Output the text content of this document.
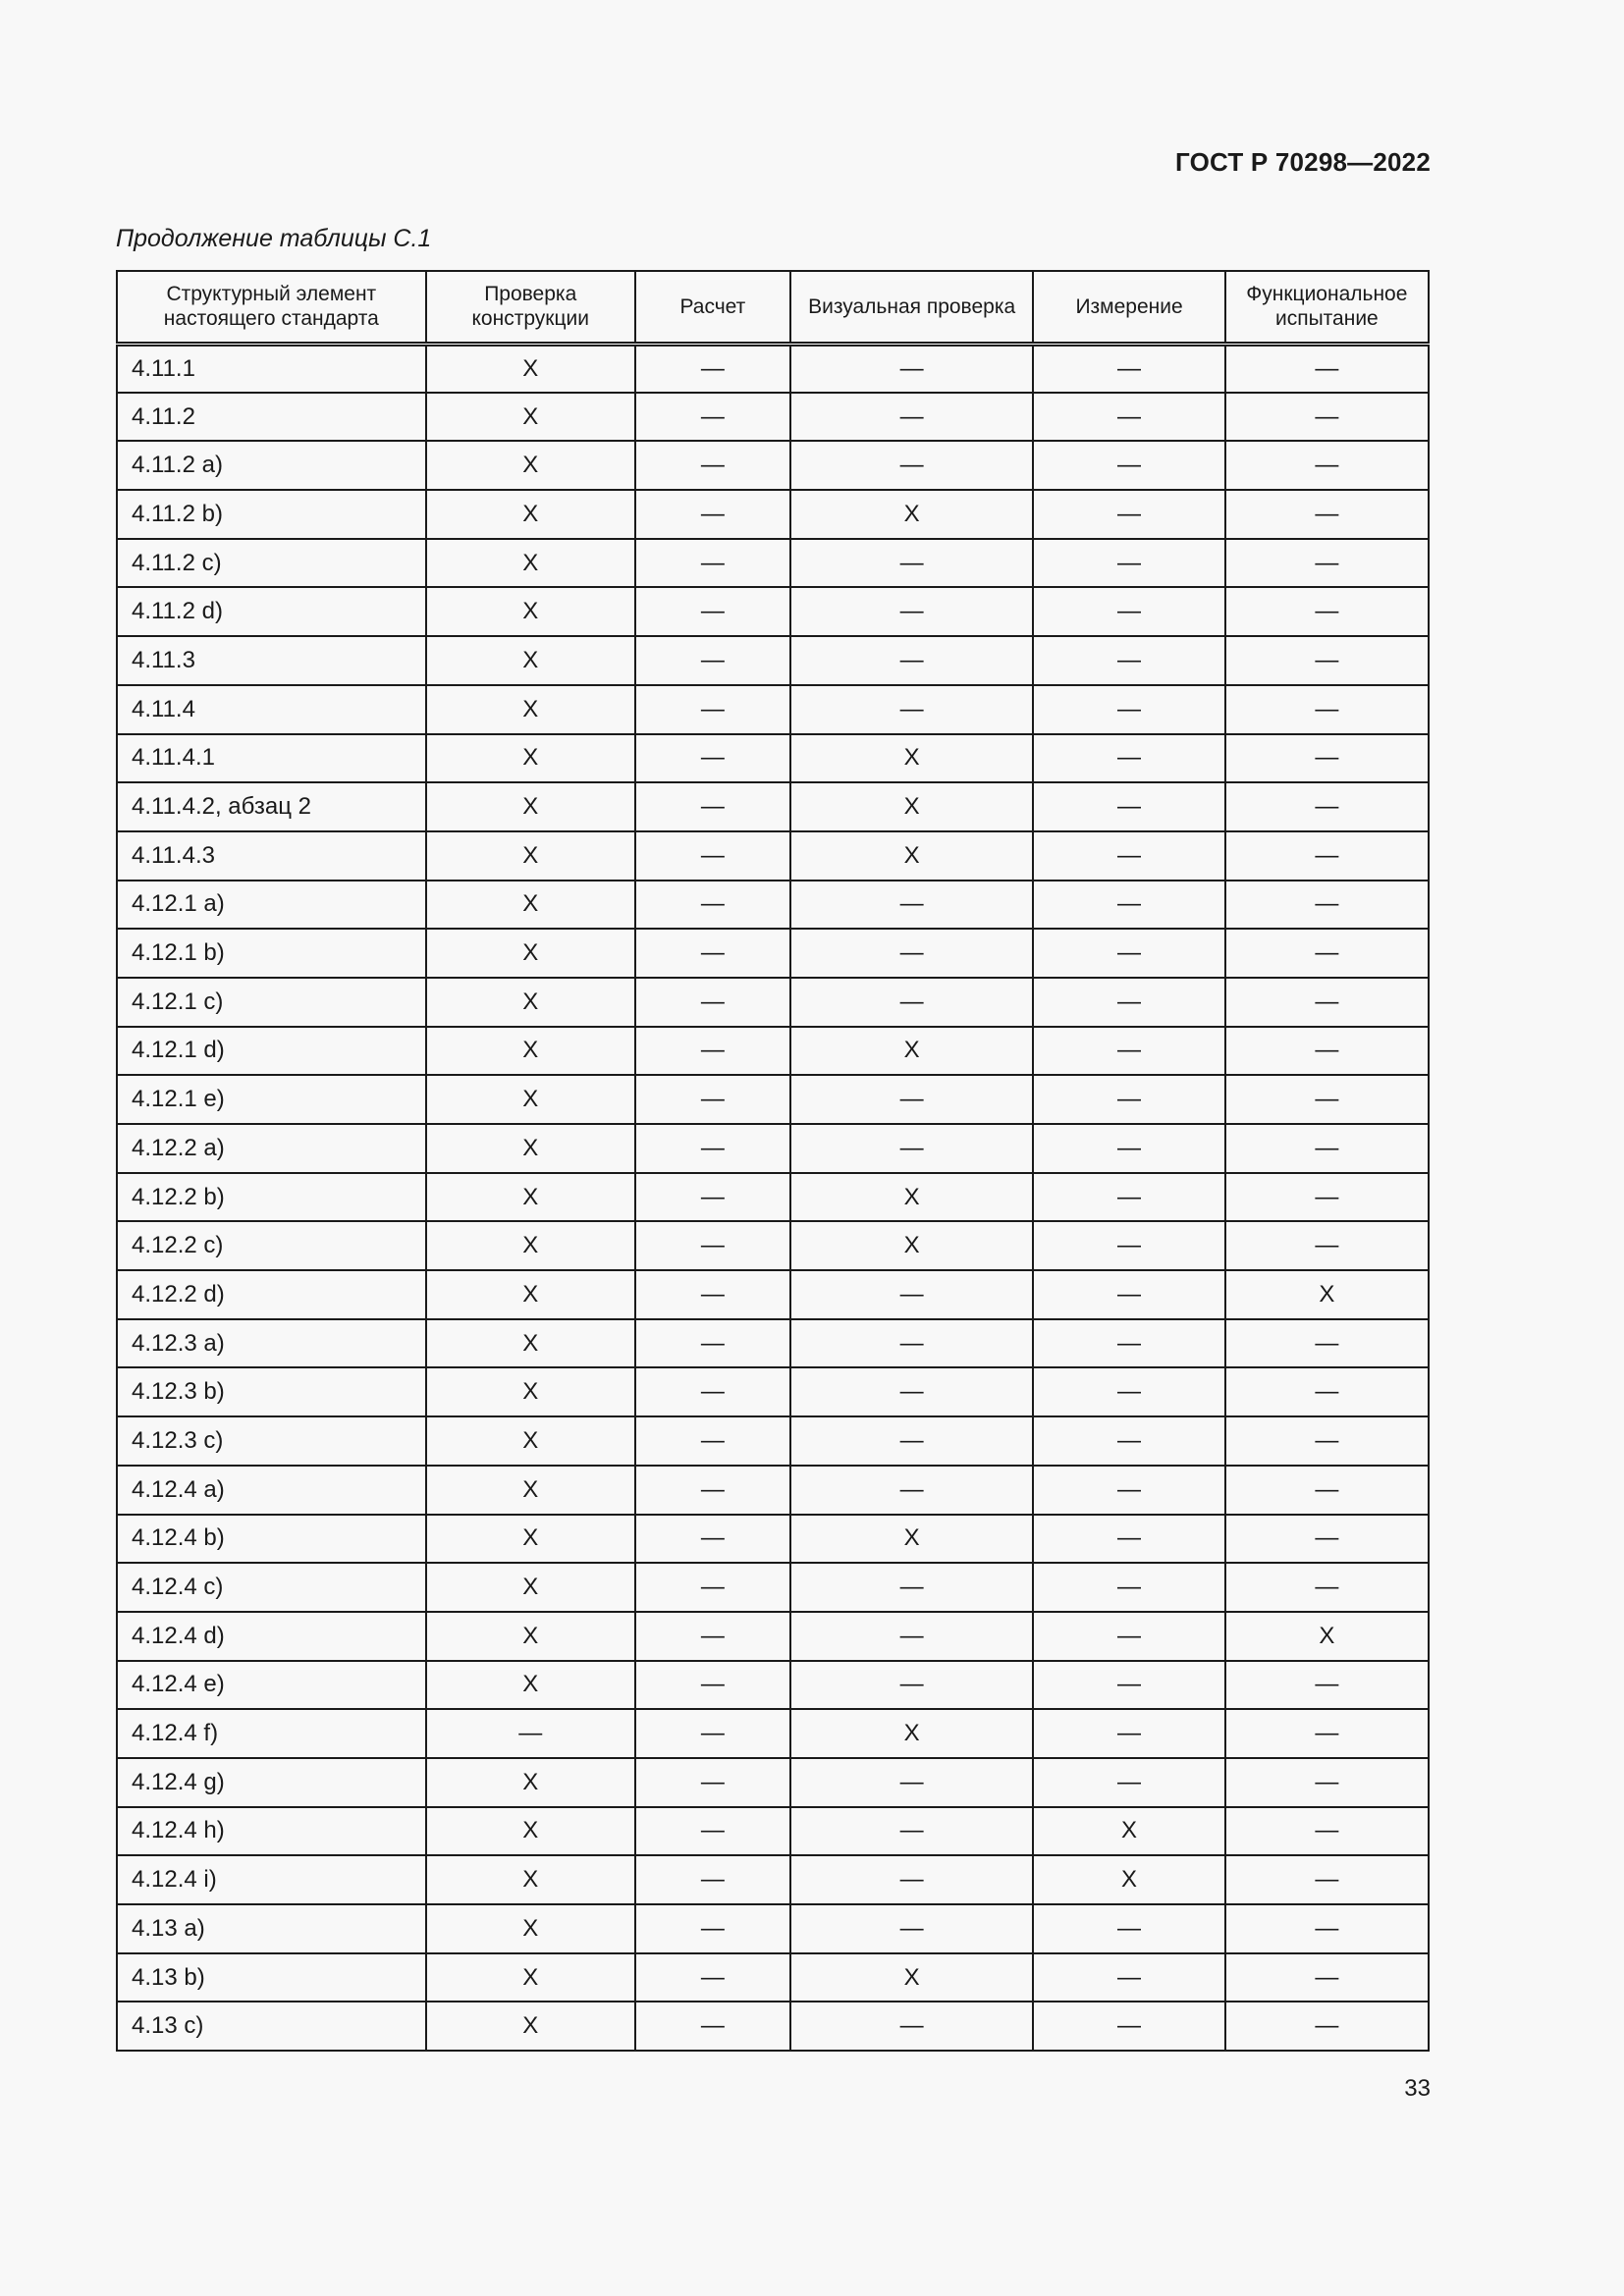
ГОСТ Р 70298—2022
Продолжение таблицы С.1
Структурный элемент настоящего стандарта	Проверка конструкции	Расчет	Визуальная проверка	Измерение	Функциональное испытание
4.11.1	X	—	—	—	—
4.11.2	X	—	—	—	—
4.11.2 а)	X	—	—	—	—
4.11.2 b)	X	—	X	—	—
4.11.2 с)	X	—	—	—	—
4.11.2 d)	X	—	—	—	—
4.11.3	X	—	—	—	—
4.11.4	X	—	—	—	—
4.11.4.1	X	—	X	—	—
4.11.4.2, абзац 2	X	—	X	—	—
4.11.4.3	X	—	X	—	—
4.12.1 а)	X	—	—	—	—
4.12.1 b)	X	—	—	—	—
4.12.1 с)	X	—	—	—	—
4.12.1 d)	X	—	X	—	—
4.12.1 е)	X	—	—	—	—
4.12.2 а)	X	—	—	—	—
4.12.2 b)	X	—	X	—	—
4.12.2 с)	X	—	X	—	—
4.12.2 d)	X	—	—	—	X
4.12.3 а)	X	—	—	—	—
4.12.3 b)	X	—	—	—	—
4.12.3 с)	X	—	—	—	—
4.12.4 а)	X	—	—	—	—
4.12.4 b)	X	—	X	—	—
4.12.4 с)	X	—	—	—	—
4.12.4 d)	X	—	—	—	X
4.12.4 е)	X	—	—	—	—
4.12.4 f)	—	—	X	—	—
4.12.4 g)	X	—	—	—	—
4.12.4 h)	X	—	—	X	—
4.12.4 i)	X	—	—	X	—
4.13 а)	X	—	—	—	—
4.13 b)	X	—	X	—	—
4.13 с)	X	—	—	—	—
33
